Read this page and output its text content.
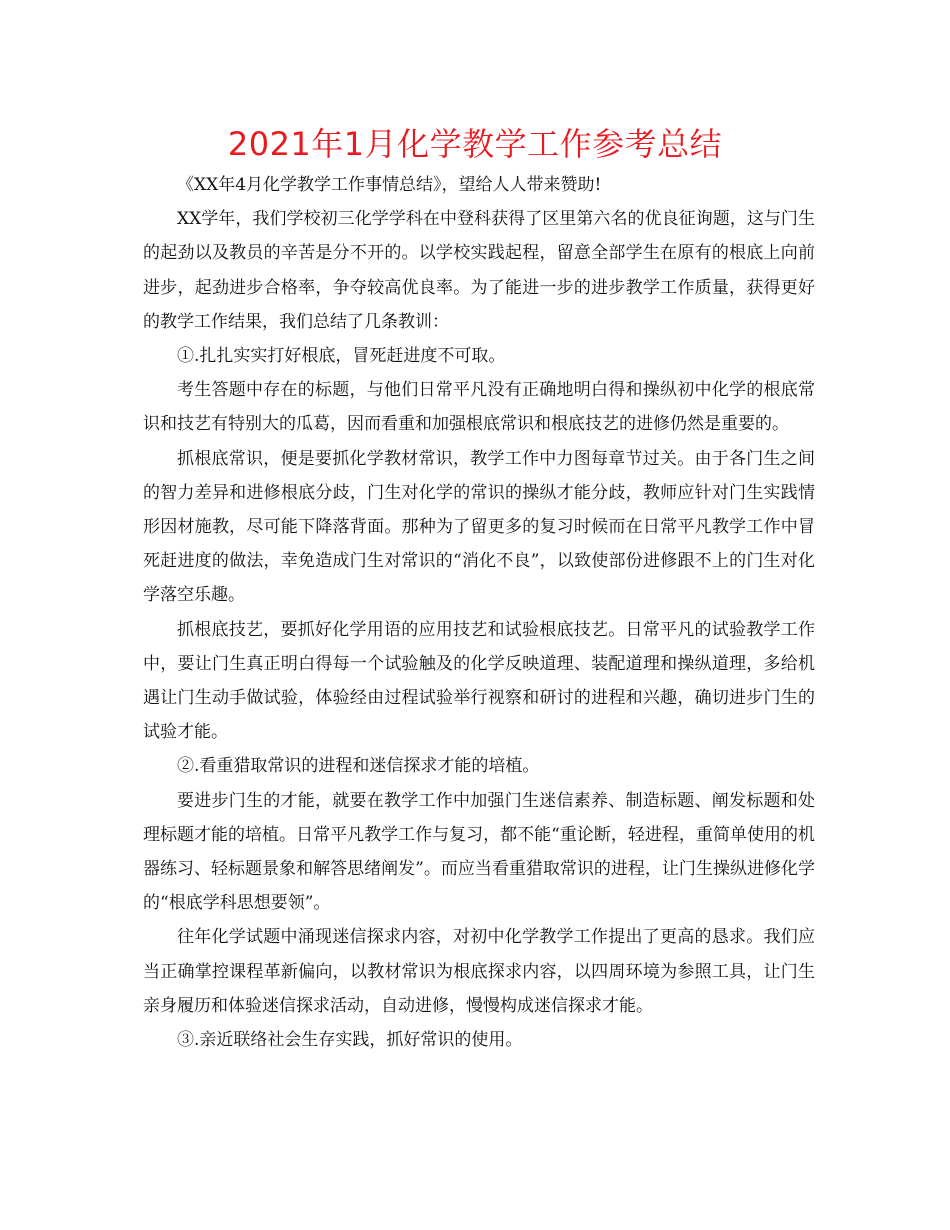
2021年1月化学教学工作参考总结

《XX年4月化学教学工作事情总结》，望给人人带来赞助!

XX学年，我们学校初三化学学科在中登科获得了区里第六名的优良征询题，这与门生的起劲以及教员的辛苦是分不开的。以学校实践起程，留意全部学生在原有的根底上向前进步，起劲进步合格率，争夺较高优良率。为了能进一步的进步教学工作质量，获得更好的教学工作结果，我们总结了几条教训：

①.扎扎实实打好根底，冒死赶进度不可取。

考生答题中存在的标题，与他们日常平凡没有正确地明白得和操纵初中化学的根底常识和技艺有特别大的瓜葛，因而看重和加强根底常识和根底技艺的进修仍然是重要的。

抓根底常识，便是要抓化学教材常识，教学工作中力图每章节过关。由于各门生之间的智力差异和进修根底分歧，门生对化学的常识的操纵才能分歧，教师应针对门生实践情形因材施教，尽可能下降落背面。那种为了留更多的复习时候而在日常平凡教学工作中冒死赶进度的做法，幸免造成门生对常识的“消化不良”，以致使部份进修跟不上的门生对化学落空乐趣。

抓根底技艺，要抓好化学用语的应用技艺和试验根底技艺。日常平凡的试验教学工作中，要让门生真正明白得每一个试验触及的化学反映道理、装配道理和操纵道理，多给机遇让门生动手做试验，体验经由过程试验举行视察和研讨的进程和兴趣，确切进步门生的试验才能。

②.看重猎取常识的进程和迷信探求才能的培植。

要进步门生的才能，就要在教学工作中加强门生迷信素养、制造标题、阐发标题和处理标题才能的培植。日常平凡教学工作与复习，都不能“重论断，轻进程，重简单使用的机器练习、轻标题景象和解答思绪阐发”。而应当看重猎取常识的进程，让门生操纵进修化学的“根底学科思想要领”。

往年化学试题中涌现迷信探求内容，对初中化学教学工作提出了更高的恳求。我们应当正确掌控课程革新偏向，以教材常识为根底探求内容，以四周环境为参照工具，让门生亲身履历和体验迷信探求活动，自动进修，慢慢构成迷信探求才能。

③.亲近联络社会生存实践，抓好常识的使用。
